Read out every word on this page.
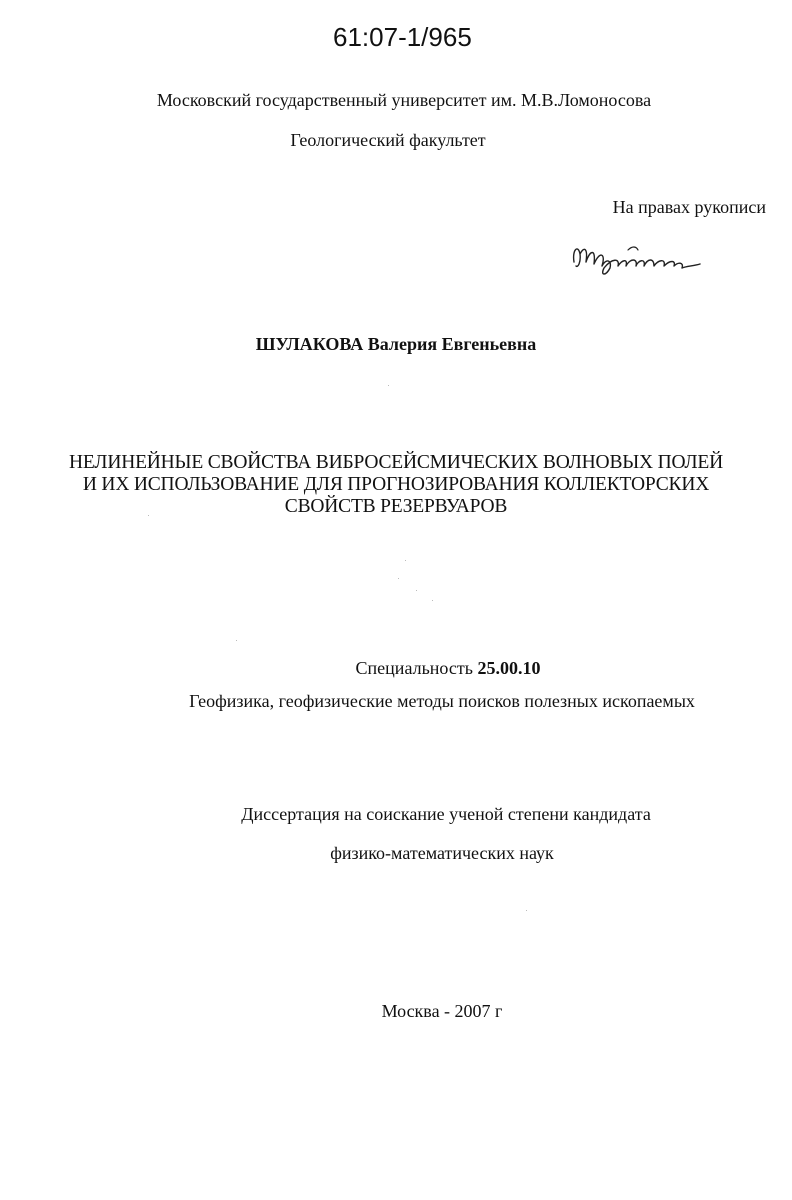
61:07-1/965
Московский государственный университет им. М.В.Ломоносова
Геологический факультет
На правах рукописи
ШУЛАКОВА Валерия Евгеньевна
НЕЛИНЕЙНЫЕ СВОЙСТВА ВИБРОСЕЙСМИЧЕСКИХ ВОЛНОВЫХ ПОЛЕЙ
И ИХ ИСПОЛЬЗОВАНИЕ ДЛЯ ПРОГНОЗИРОВАНИЯ КОЛЛЕКТОРСКИХ
СВОЙСТВ РЕЗЕРВУАРОВ
Специальность 25.00.10
Геофизика, геофизические методы поисков полезных ископаемых
Диссертация на соискание ученой степени кандидата
физико-математических наук
Москва - 2007 г
